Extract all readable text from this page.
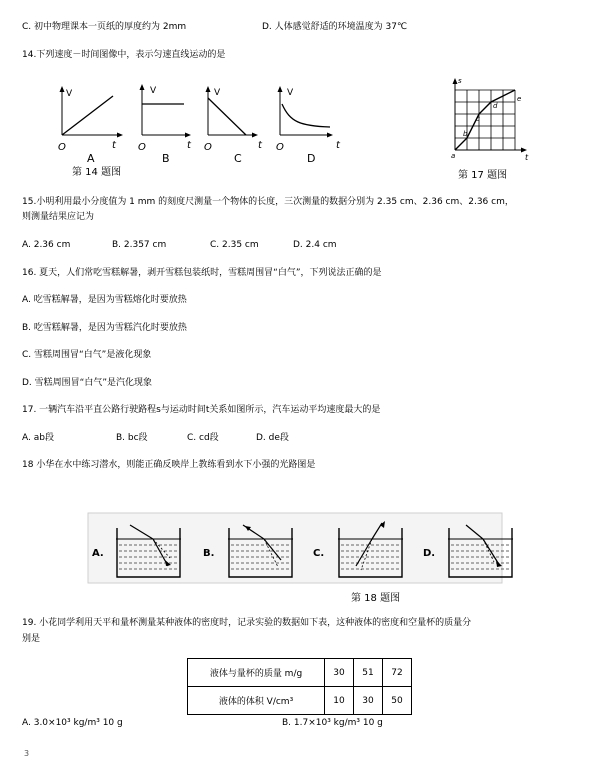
C. 初中物理课本一页纸的厚度约为 2mm	D. 人体感觉舒适的环境温度为 37℃
14.下列速度－时间图像中，表示匀速直线运动的是
V
O	t
V
O	t
V
O	t
V
O	t
A	B	C	D
第 14 题图
s
t
a
b
c
d
e
第 17 题图
15.小明利用最小分度值为 1 mm 的刻度尺测量一个物体的长度，三次测量的数据分别为 2.35 cm、2.36 cm、2.36 cm，
则测量结果应记为
A. 2.36 cm	B. 2.357 cm	C. 2.35 cm	D. 2.4 cm
16. 夏天，人们常吃雪糕解暑，剥开雪糕包装纸时，雪糕周围冒“白气”，下列说法正确的是
A. 吃雪糕解暑，是因为雪糕熔化时要放热
B. 吃雪糕解暑，是因为雪糕汽化时要放热
C. 雪糕周围冒“白气”是液化现象
D. 雪糕周围冒“白气”是汽化现象
17. 一辆汽车沿平直公路行驶路程s与运动时间t关系如图所示，汽车运动平均速度最大的是
A. ab段	B. bc段	C. cd段	D. de段
18 小华在水中练习潜水，则能正确反映岸上教练看到水下小强的光路图是
A.	B.	C.	D.
第 18 题图
19. 小花同学利用天平和量杯测量某种液体的密度时，记录实验的数据如下表，这种液体的密度和空量杯的质量分
别是
液体与量杯的质量 m/g	30	51	72
液体的体积 V/cm³	10	30	50
A. 3.0×10³ kg/m³ 10 g	B. 1.7×10³ kg/m³ 10 g
3
